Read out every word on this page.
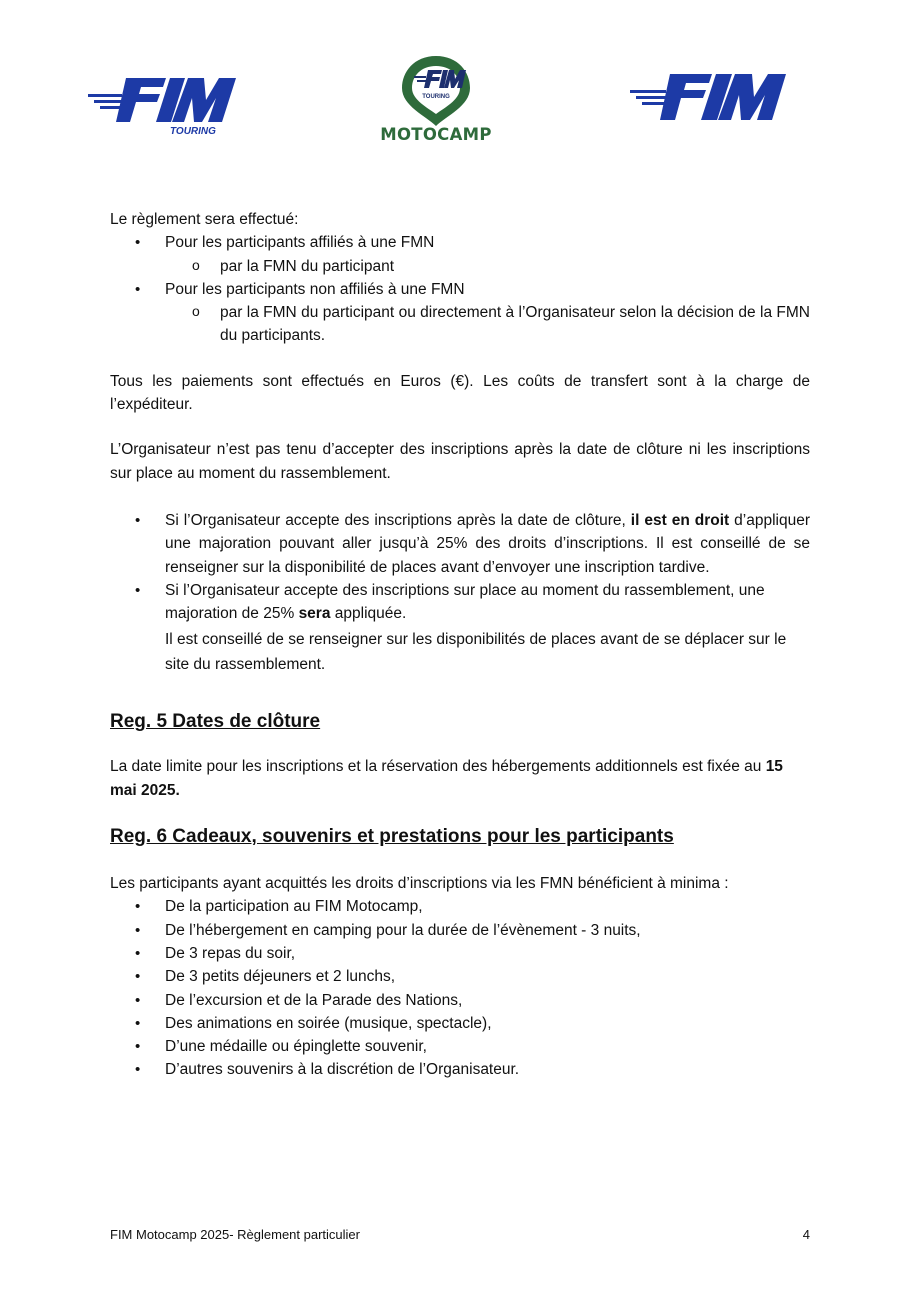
TOURING
TOURING
MOTOCAMP

Le règlement sera effectué:

• Pour les participants affiliés à une FMN
o par la FMN du participant
• Pour les participants non affiliés à une FMN
o par la FMN du participant ou directement à l’Organisateur selon la décision de la FMN du participants.

Tous les paiements sont effectués en Euros (€). Les coûts de transfert sont à la charge de l’expéditeur.

L’Organisateur n’est pas tenu d’accepter des inscriptions après la date de clôture ni les inscriptions sur place au moment du rassemblement.

• Si l’Organisateur accepte des inscriptions après la date de clôture, il est en droit d’appliquer une majoration pouvant aller jusqu’à 25% des droits d’inscriptions. Il est conseillé de se renseigner sur la disponibilité de places avant d’envoyer une inscription tardive.
• Si l’Organisateur accepte des inscriptions sur place au moment du rassemblement, une majoration de 25% sera appliquée.
Il est conseillé de se renseigner sur les disponibilités de places avant de se déplacer sur le site du rassemblement.

Reg. 5 Dates de clôture

La date limite pour les inscriptions et la réservation des hébergements additionnels est fixée au 15 mai 2025.

Reg. 6 Cadeaux, souvenirs et prestations pour les participants

Les participants ayant acquittés les droits d’inscriptions via les FMN bénéficient à minima :

• De la participation au FIM Motocamp,
• De l’hébergement en camping pour la durée de l’évènement - 3 nuits,
• De 3 repas du soir,
• De 3 petits déjeuners et 2 lunchs,
• De l’excursion et de la Parade des Nations,
• Des animations en soirée (musique, spectacle),
• D’une médaille ou épinglette souvenir,
• D’autres souvenirs à la discrétion de l’Organisateur.
FIM Motocamp 2025- Règlement particulier	4
